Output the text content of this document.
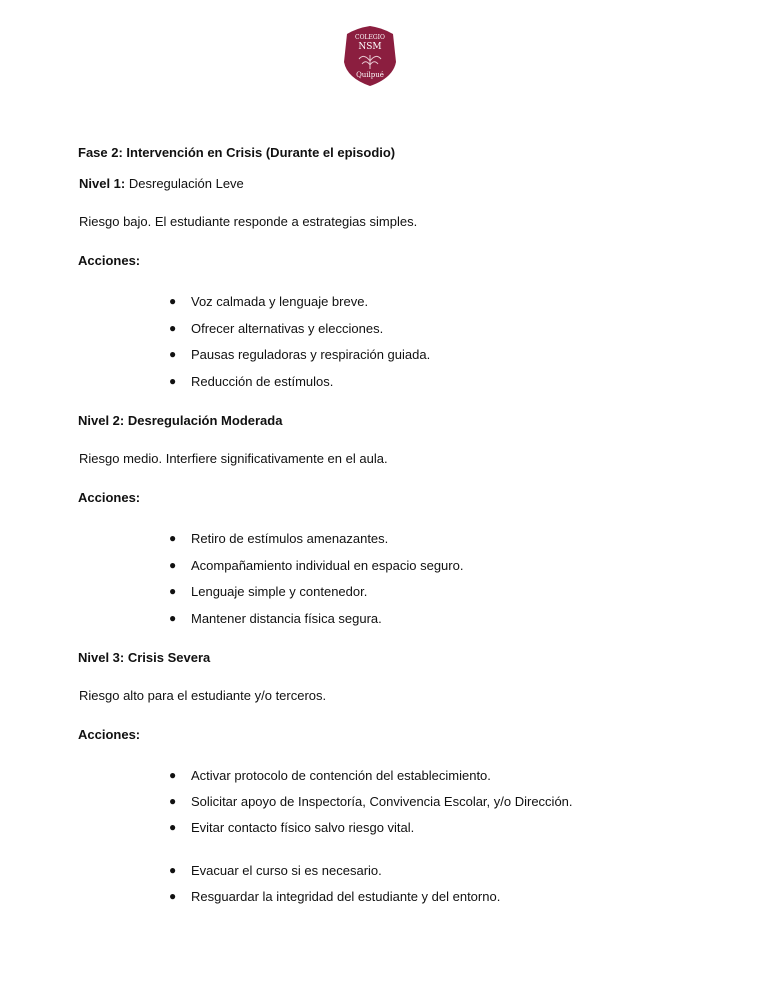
COLEGIO
NSM
Quilpué
Fase 2: Intervención en Crisis (Durante el episodio)
Nivel 1: Desregulación Leve
Riesgo bajo. El estudiante responde a estrategias simples.
Acciones:
● Voz calmada y lenguaje breve.
● Ofrecer alternativas y elecciones.
● Pausas reguladoras y respiración guiada.
● Reducción de estímulos.
Nivel 2: Desregulación Moderada
Riesgo medio. Interfiere significativamente en el aula.
Acciones:
● Retiro de estímulos amenazantes.
● Acompañamiento individual en espacio seguro.
● Lenguaje simple y contenedor.
● Mantener distancia física segura.
Nivel 3: Crisis Severa
Riesgo alto para el estudiante y/o terceros.
Acciones:
● Activar protocolo de contención del establecimiento.
● Solicitar apoyo de Inspectoría, Convivencia Escolar, y/o Dirección.
● Evitar contacto físico salvo riesgo vital.
● Evacuar el curso si es necesario.
● Resguardar la integridad del estudiante y del entorno.
